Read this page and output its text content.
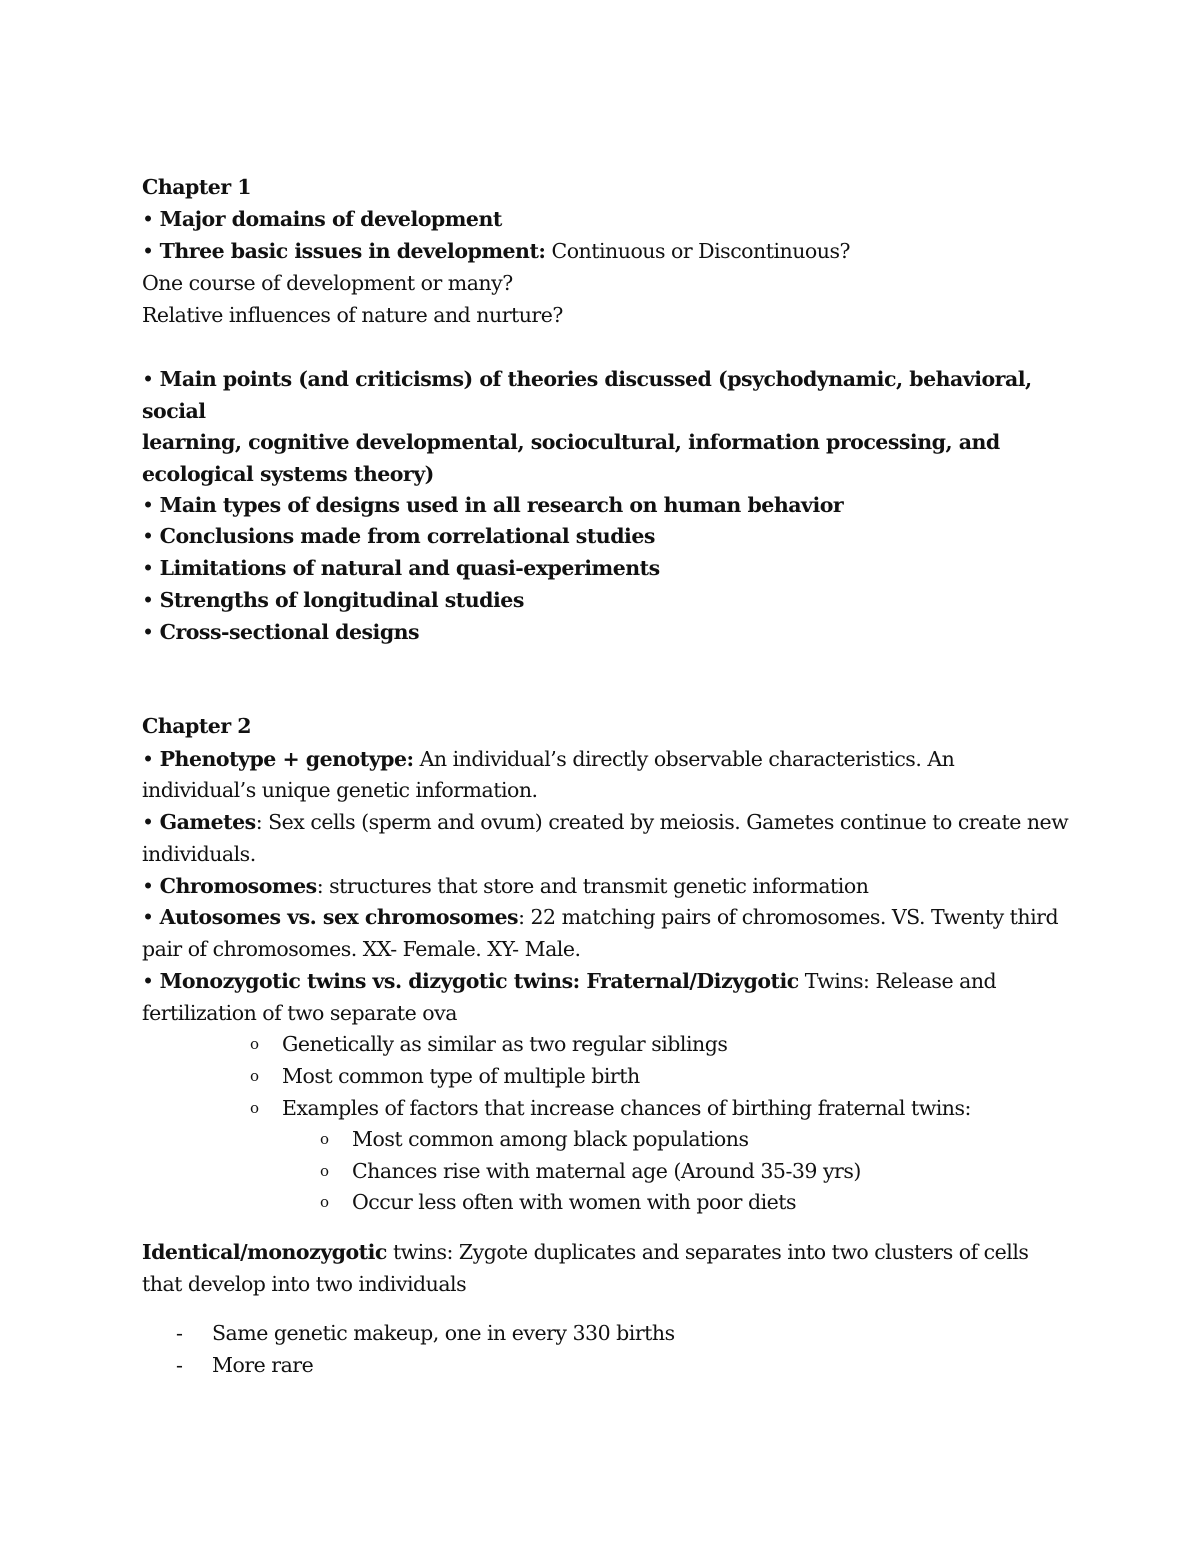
Chapter 1
• Major domains of development
• Three basic issues in development: Continuous or Discontinuous?
One course of development or many?
Relative influences of nature and nurture?
• Main points (and criticisms) of theories discussed (psychodynamic, behavioral,
social
learning, cognitive developmental, sociocultural, information processing, and
ecological systems theory)
• Main types of designs used in all research on human behavior
• Conclusions made from correlational studies
• Limitations of natural and quasi-experiments
• Strengths of longitudinal studies
• Cross-sectional designs
Chapter 2
• Phenotype + genotype: An individual’s directly observable characteristics. An
individual’s unique genetic information.
• Gametes: Sex cells (sperm and ovum) created by meiosis. Gametes continue to create new
individuals.
• Chromosomes: structures that store and transmit genetic information
• Autosomes vs. sex chromosomes: 22 matching pairs of chromosomes. VS. Twenty third
pair of chromosomes. XX- Female. XY- Male.
• Monozygotic twins vs. dizygotic twins: Fraternal/Dizygotic Twins: Release and
fertilization of two separate ova
o Genetically as similar as two regular siblings
o Most common type of multiple birth
o Examples of factors that increase chances of birthing fraternal twins:
o Most common among black populations
o Chances rise with maternal age (Around 35-39 yrs)
o Occur less often with women with poor diets
Identical/monozygotic twins: Zygote duplicates and separates into two clusters of cells
that develop into two individuals
- Same genetic makeup, one in every 330 births
- More rare
